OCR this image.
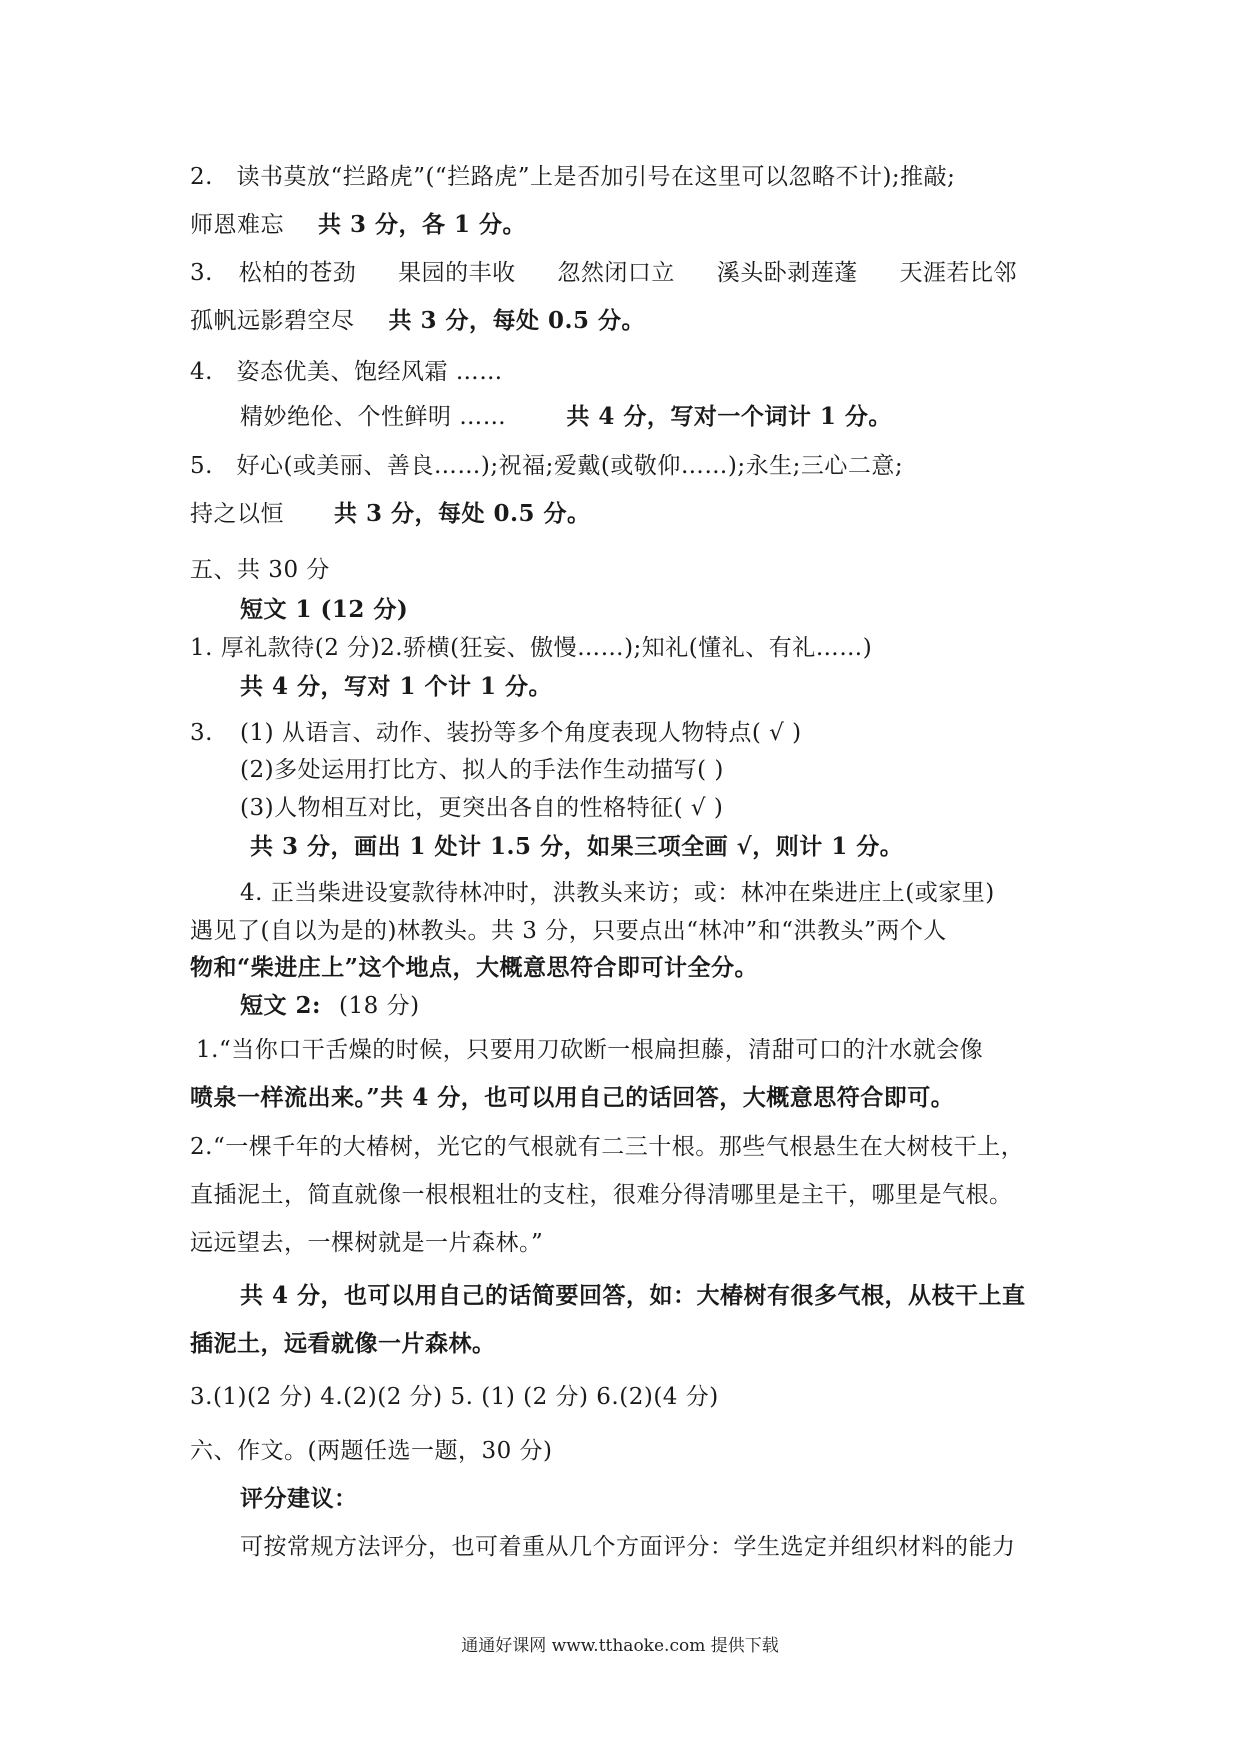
2.　读书莫放“拦路虎”(“拦路虎”上是否加引号在这里可以忽略不计);推敲;
师恩难忘 共 3 分，各 1 分。
3. 松柏的苍劲 果园的丰收 忽然闭口立 溪头卧剥莲蓬 天涯若比邻
孤帆远影碧空尽 共 3 分，每处 0.5 分。
4.　姿态优美、饱经风霜 ……
精妙绝伦、个性鲜明 ……	共 4 分，写对一个词计 1 分。
5.　好心(或美丽、善良……);祝福;爱戴(或敬仰……);永生;三心二意;
持之以恒 共 3 分，每处 0.5 分。
五、共 30 分
短文 1 (12 分)
1. 厚礼款待(2 分)2.骄横(狂妄、傲慢……);知礼(懂礼、有礼……)
共 4 分，写对 1 个计 1 分。
3. (1) 从语言、动作、装扮等多个角度表现人物特点( √ )
(2)多处运用打比方、拟人的手法作生动描写( )
(3)人物相互对比，更突出各自的性格特征( √ )
共 3 分，画出 1 处计 1.5 分，如果三项全画 √，则计 1 分。
4. 正当柴进设宴款待林冲时，洪教头来访；或：林冲在柴进庄上(或家里)
遇见了(自以为是的)林教头。共 3 分，只要点出“林冲”和“洪教头”两个人
物和“柴进庄上”这个地点，大概意思符合即可计全分。
短文 2: (18 分)
1.“当你口干舌燥的时候，只要用刀砍断一根扁担藤，清甜可口的汁水就会像
喷泉一样流出来。”共 4 分，也可以用自己的话回答，大概意思符合即可。
2.“一棵千年的大椿树，光它的气根就有二三十根。那些气根悬生在大树枝干上，
直插泥土，简直就像一根根粗壮的支柱，很难分得清哪里是主干，哪里是气根。
远远望去，一棵树就是一片森林。”
共 4 分，也可以用自己的话简要回答，如：大椿树有很多气根，从枝干上直
插泥土，远看就像一片森林。
3.(1)(2 分) 4.(2)(2 分) 5. (1) (2 分) 6.(2)(4 分)
六、作文。(两题任选一题，30 分)
评分建议：
可按常规方法评分，也可着重从几个方面评分：学生选定并组织材料的能力
通通好课网 www.tthaoke.com 提供下载
